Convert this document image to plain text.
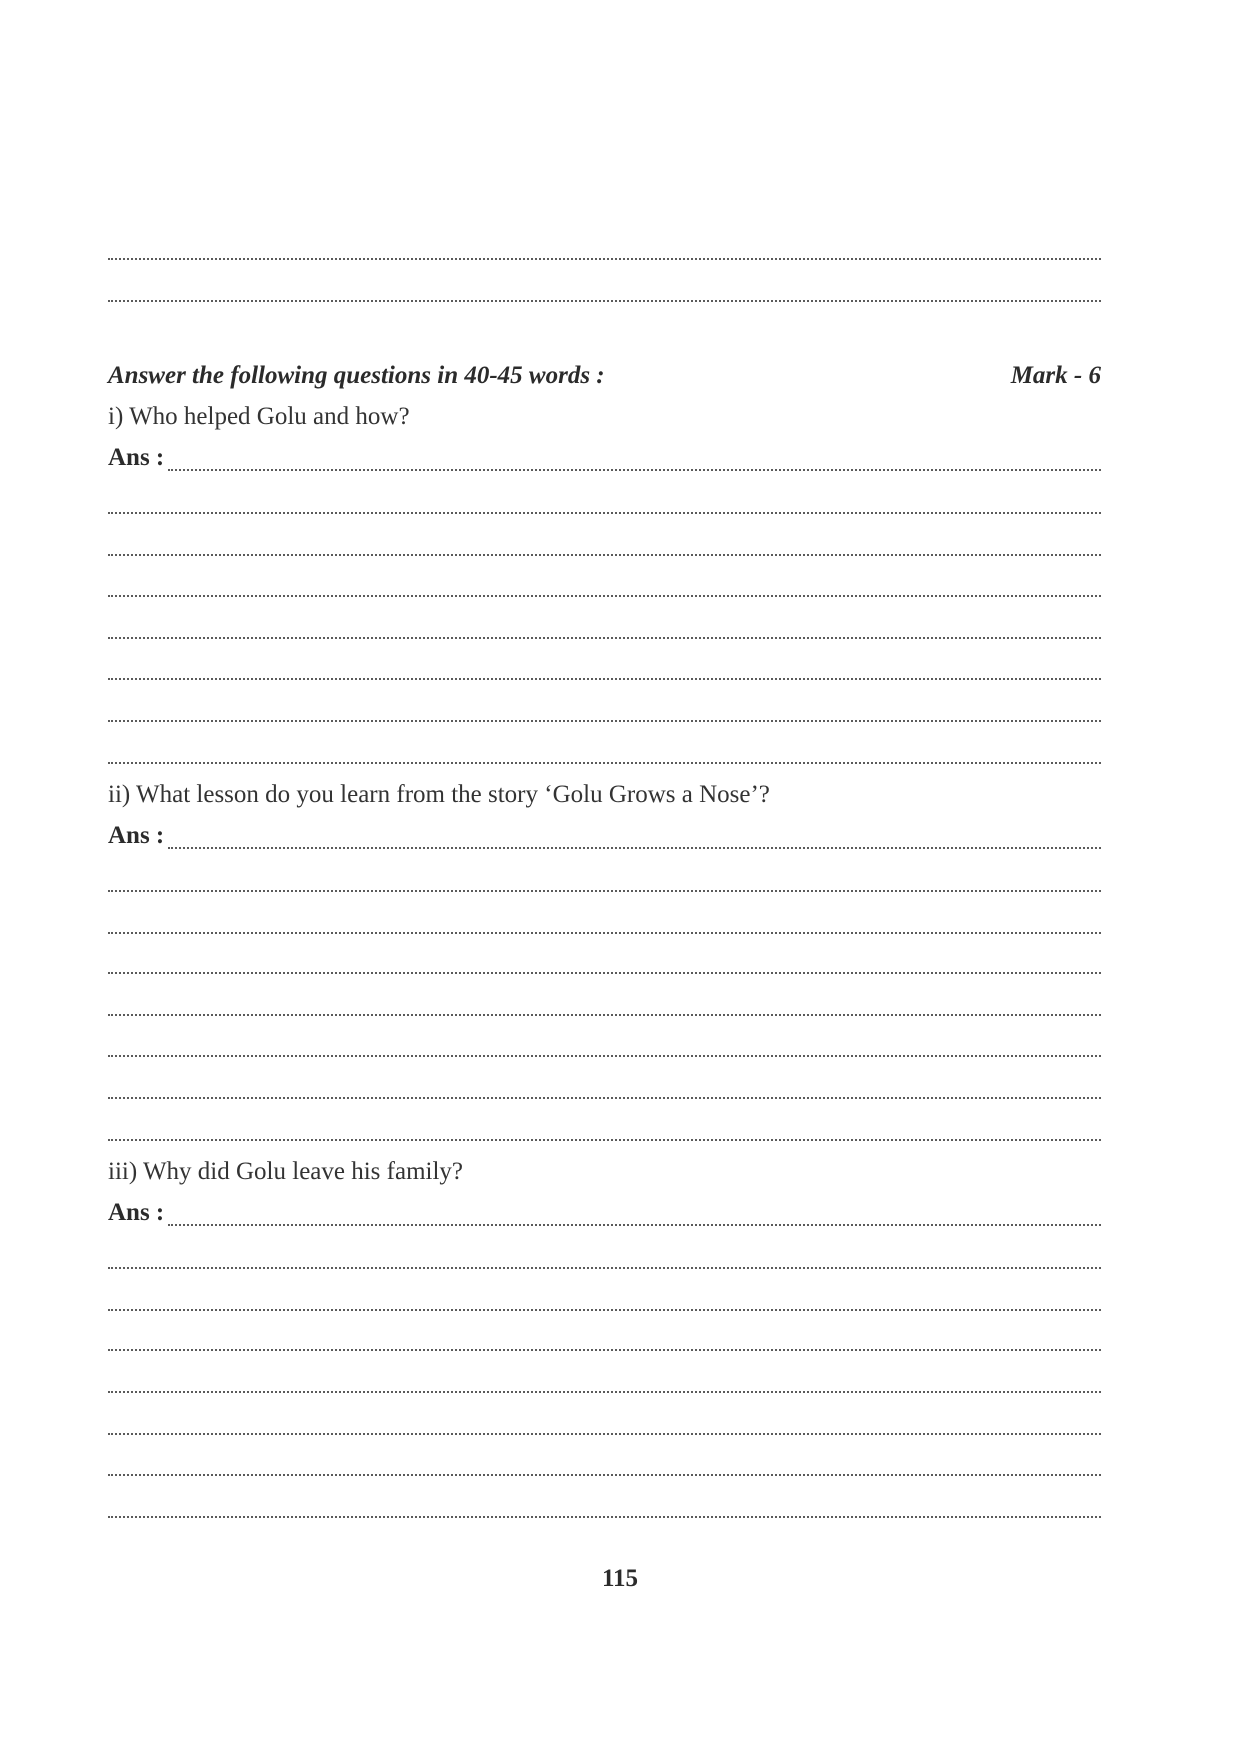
Answer the following questions in 40-45 words :	Mark - 6
i) Who helped Golu and how?
Ans :
ii) What lesson do you learn from the story ‘Golu Grows a Nose’?
Ans :
iii) Why did Golu leave his family?
Ans :
115
